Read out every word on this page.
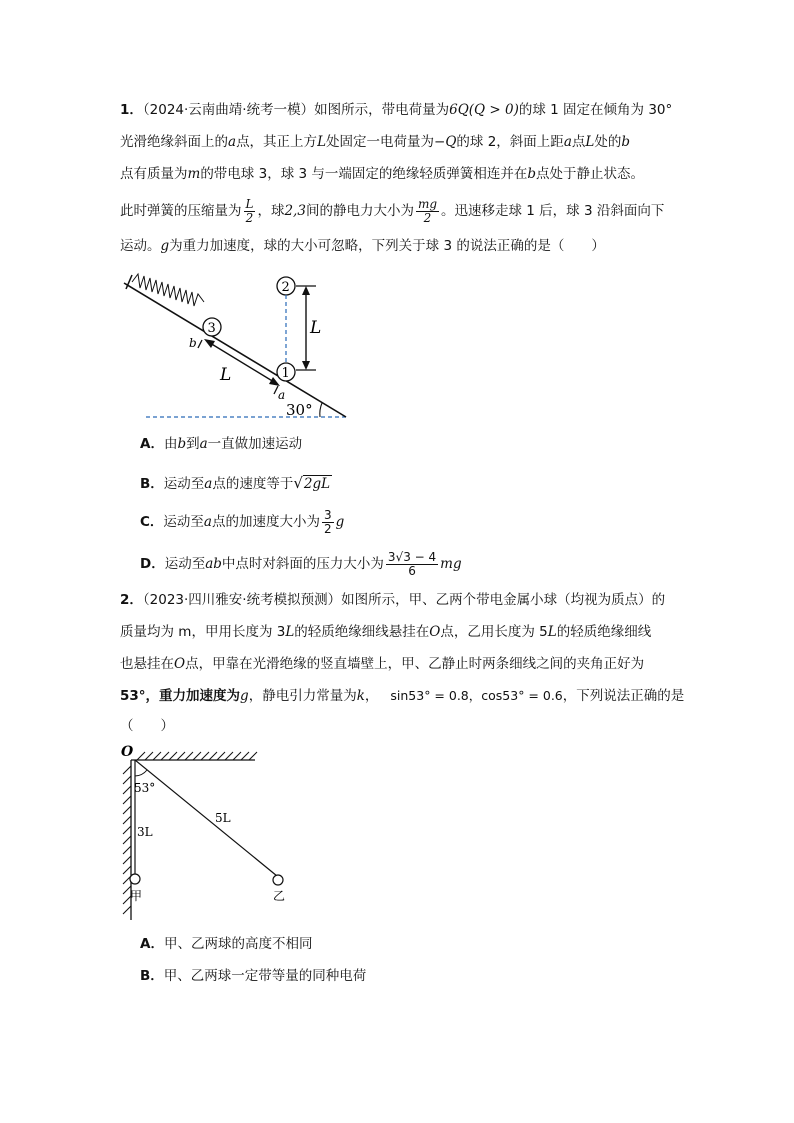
1．（2024·云南曲靖·统考一模）如图所示，带电荷量为6Q(Q > 0)的球 1 固定在倾角为 30°
光滑绝缘斜面上的a点，其正上方L处固定一电荷量为−Q的球 2，斜面上距a点L处的b
点有质量为m的带电球 3，球 3 与一端固定的绝缘轻质弹簧相连并在b点处于静止状态。
此时弹簧的压缩量为 $\frac{L}{2}$ ，球2,3间的静电力大小为 $\frac{mg}{2}$ 。迅速移走球 1 后，球 3 沿斜面向下
运动。g为重力加速度，球的大小可忽略，下列关于球 3 的说法正确的是（　　）
3
1
2
L
L
b
a
30°
A．由b到a一直做加速运动
B．运动至a点的速度等于√2gL
C．运动至a点的加速度大小为 $\frac{3}{2}$ g
D．运动至ab中点时对斜面的压力大小为 $\frac{3√3 - 4}{6}$ mg
2．（2023·四川雅安·统考模拟预测）如图所示，甲、乙两个带电金属小球（均视为质点）的
质量均为 m，甲用长度为 3L的轻质绝缘细线悬挂在O点，乙用长度为 5L的轻质绝缘细线
也悬挂在O点，甲靠在光滑绝缘的竖直墙壁上，甲、乙静止时两条细线之间的夹角正好为
53°，重力加速度为g，静电引力常量为k， sin53° = 0.8，cos53° = 0.6，下列说法正确的是
（　　）
O
53°
3L
5L
甲	乙
A．甲、乙两球的高度不相同
B．甲、乙两球一定带等量的同种电荷
